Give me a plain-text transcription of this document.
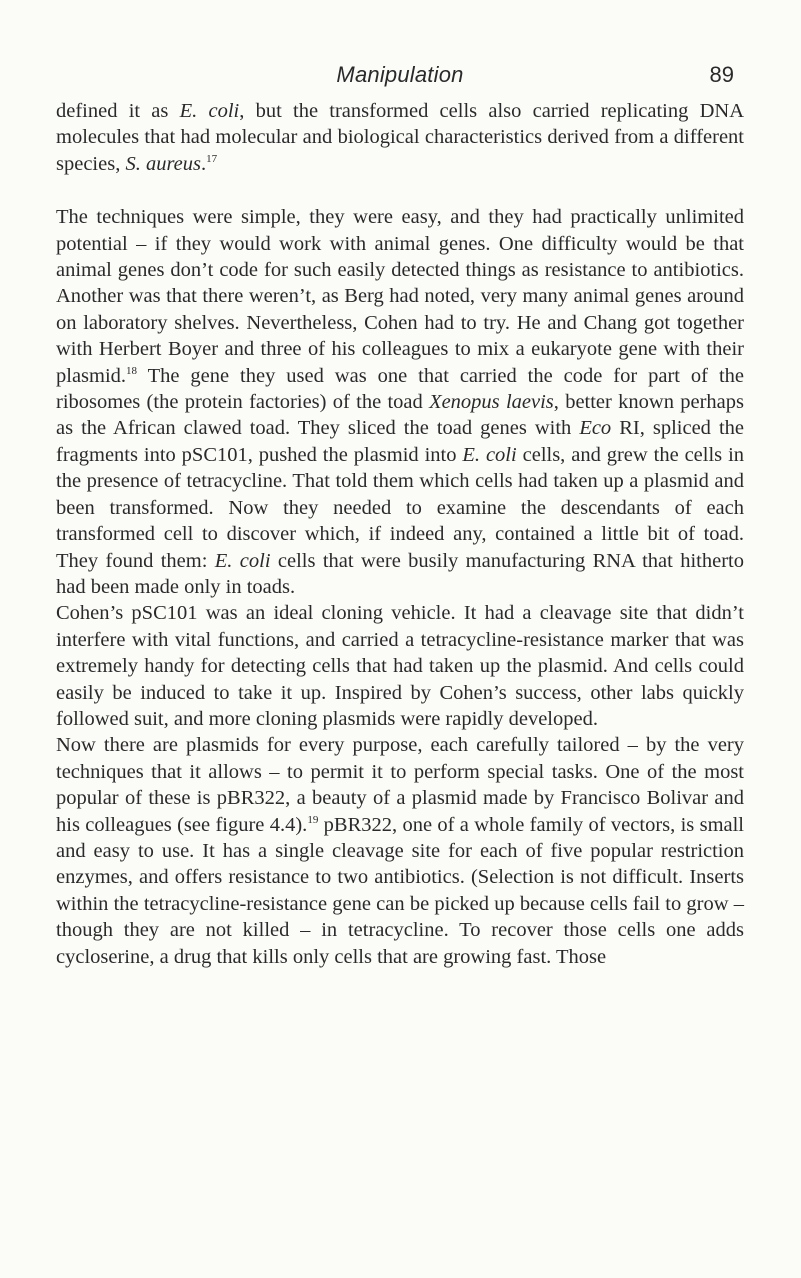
Manipulation	89

defined it as E. coli, but the transformed cells also carried replicating DNA molecules that had molecular and biological characteristics derived from a different species, S. aureus.$^{17}$

The techniques were simple, they were easy, and they had practically unlimited potential – if they would work with animal genes. One difficulty would be that animal genes don’t code for such easily detected things as resistance to antibiotics. Another was that there weren’t, as Berg had noted, very many animal genes around on laboratory shelves. Nevertheless, Cohen had to try. He and Chang got together with Herbert Boyer and three of his colleagues to mix a eukaryote gene with their plasmid.$^{18}$ The gene they used was one that carried the code for part of the ribosomes (the protein factories) of the toad Xenopus laevis, better known perhaps as the African clawed toad. They sliced the toad genes with Eco RI, spliced the fragments into pSC101, pushed the plasmid into E. coli cells, and grew the cells in the presence of tetracycline. That told them which cells had taken up a plasmid and been transformed. Now they needed to examine the descendants of each transformed cell to discover which, if indeed any, contained a little bit of toad. They found them: E. coli cells that were busily manufacturing RNA that hitherto had been made only in toads.

Cohen’s pSC101 was an ideal cloning vehicle. It had a cleavage site that didn’t interfere with vital functions, and carried a tetracycline-resistance marker that was extremely handy for detecting cells that had taken up the plasmid. And cells could easily be induced to take it up. Inspired by Cohen’s success, other labs quickly followed suit, and more cloning plasmids were rapidly developed.

Now there are plasmids for every purpose, each carefully tailored – by the very techniques that it allows – to permit it to perform special tasks. One of the most popular of these is pBR322, a beauty of a plasmid made by Francisco Bolivar and his colleagues (see figure 4.4).$^{19}$ pBR322, one of a whole family of vectors, is small and easy to use. It has a single cleavage site for each of five popular restriction enzymes, and offers resistance to two antibiotics. (Selection is not difficult. Inserts within the tetracycline-resistance gene can be picked up because cells fail to grow – though they are not killed – in tetracycline. To recover those cells one adds cycloserine, a drug that kills only cells that are growing fast. Those
